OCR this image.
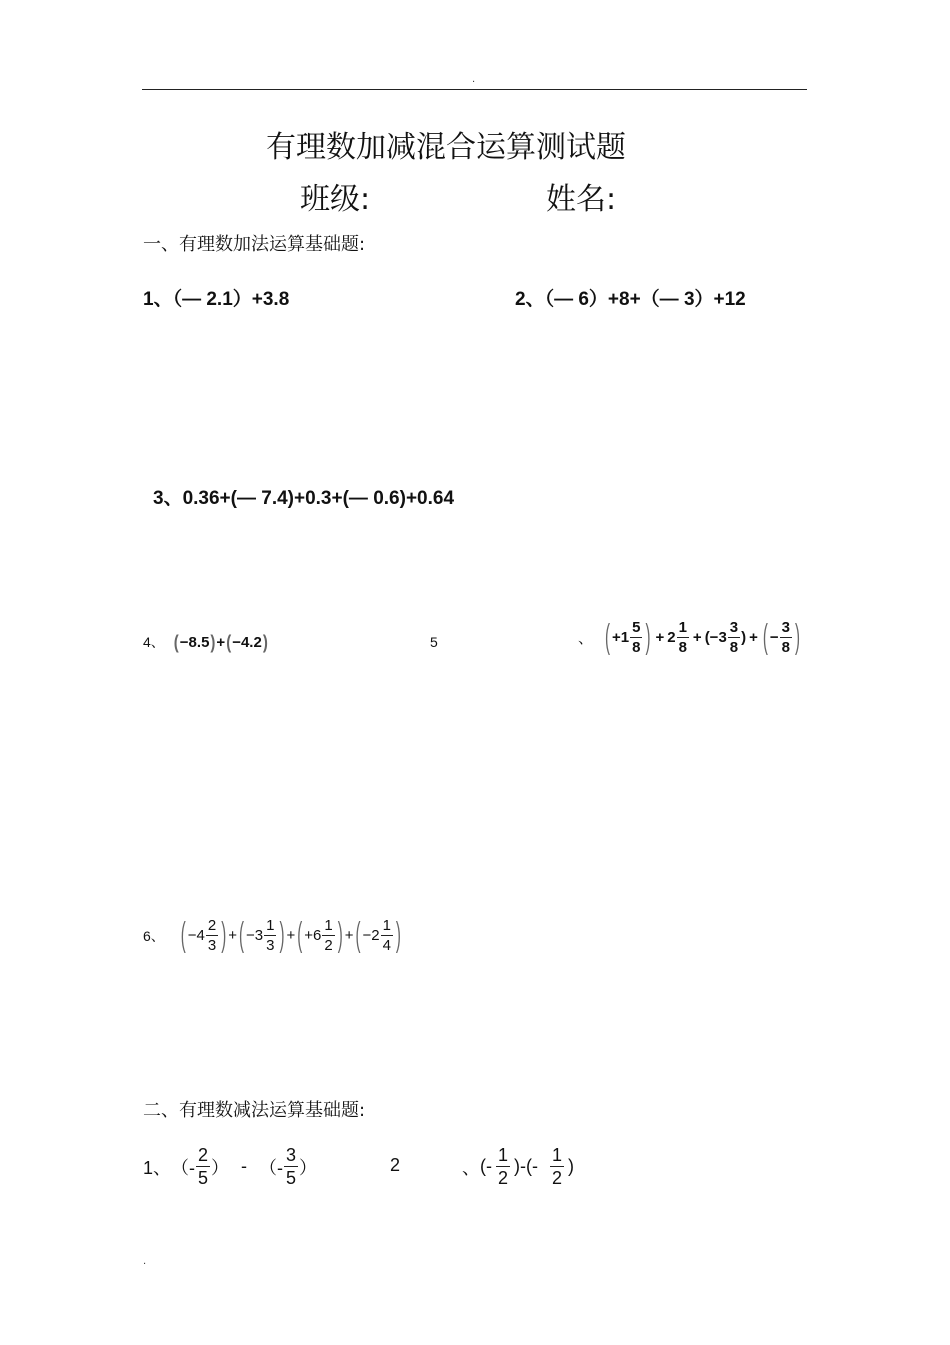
.
有理数加减混合运算测试题
班级:	姓名:
一、有理数加法运算基础题:
1、（— 2.1）+3.8	2、（— 6）+8+（— 3）+12
3、0.36+(— 7.4)+0.3+(— 0.6)+0.64
4、 ( −8.5 ) + ( −4.2 )	5	、 ( $+1 \frac{5}{8}$ ) + $2 \frac{1}{8} + (-3 \frac{3}{8}$ ) + ( − $\frac{3}{8}$ )
6、 ( $-4 \frac{2}{3}$ ) + ( $-3 \frac{1}{3}$ ) + ( $+6 \frac{1}{2}$ ) + ( $-2 \frac{1}{4}$ )
二、有理数减法运算基础题:
1、 （- $\frac{2}{5}$ ） - （- $\frac{3}{5}$ ）	2	、 (- $\frac{1}{2}$ )-(- $\frac{1}{2}$ )
.
